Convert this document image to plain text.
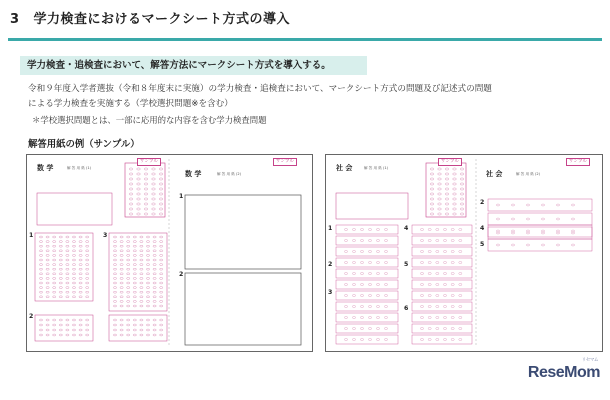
3 学力検査におけるマークシート方式の導入
学力検査・追検査において、解答方法にマークシート方式を導入する。
令和９年度入学者選抜（令和８年度末に実施）の学力検査・追検査において、マークシート方式の問題及び記述式の問題
による学力検査を実施する（学校選択問題※を含む）
＊学校選択問題とは、一部に応用的な内容を含む学力検査問題
解答用紙の例（サンプル）
数 学	解 答 用 紙 (1)
サンプル
数 学	解 答 用 紙 (2)
サンプル
1	3
2
1
2
社 会	解 答 用 紙 (1)
サンプル
社 会	解 答 用 紙 (2)
サンプル
1
2
3
4
5
6
2
4
5
ReseMom
リセマム
